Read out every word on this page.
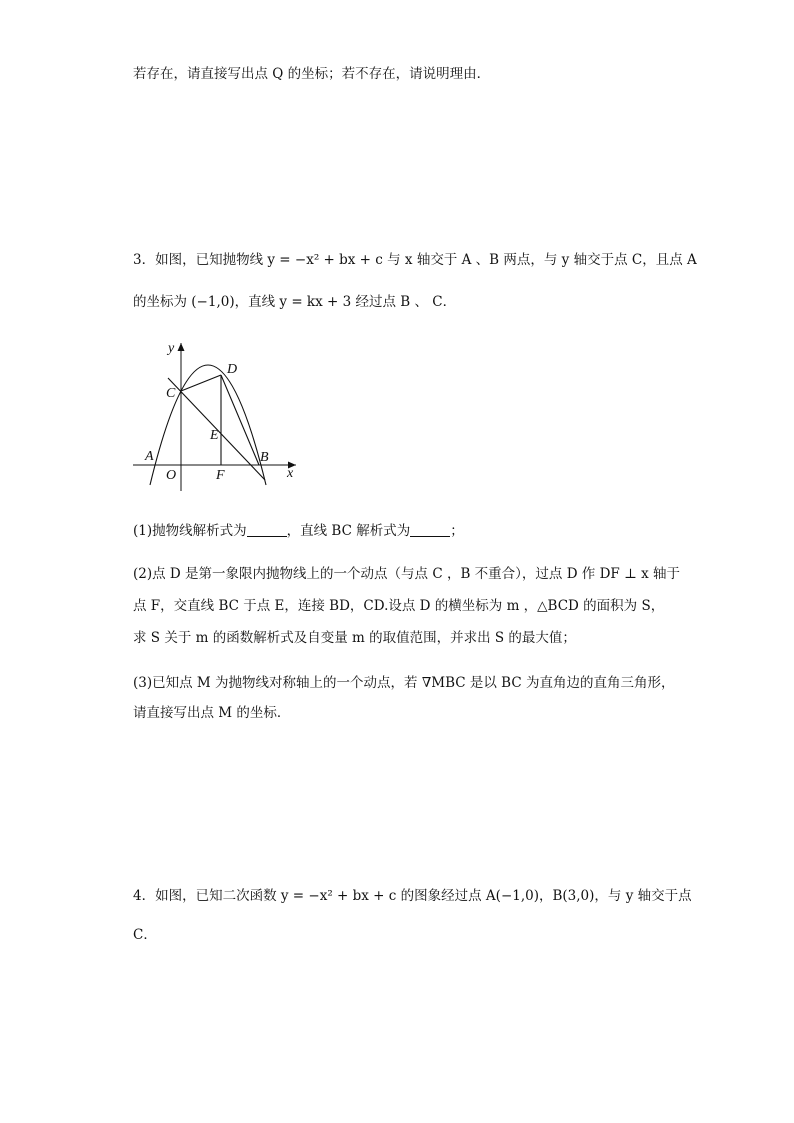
若存在，请直接写出点 Q 的坐标；若不存在，请说明理由．
3．如图，已知抛物线 y = −x² + bx + c 与 x 轴交于 A 、B 两点，与 y 轴交于点 C，且点 A
的坐标为 (−1,0)，直线 y = kx + 3 经过点 B 、 C．
y
x
C
D
E
A
O	F
B
(1)抛物线解析式为	，直线 BC 解析式为	；
(2)点 D 是第一象限内抛物线上的一个动点（与点 C ，B 不重合），过点 D 作 DF ⊥ x 轴于
点 F，交直线 BC 于点 E，连接 BD，CD.设点 D 的横坐标为 m ，△BCD 的面积为 S，
求 S 关于 m 的函数解析式及自变量 m 的取值范围，并求出 S 的最大值；
(3)已知点 M 为抛物线对称轴上的一个动点，若 ∇MBC 是以 BC 为直角边的直角三角形，
请直接写出点 M 的坐标．
4．如图，已知二次函数 y = −x² + bx + c 的图象经过点 A(−1,0)，B(3,0)，与 y 轴交于点
C．
